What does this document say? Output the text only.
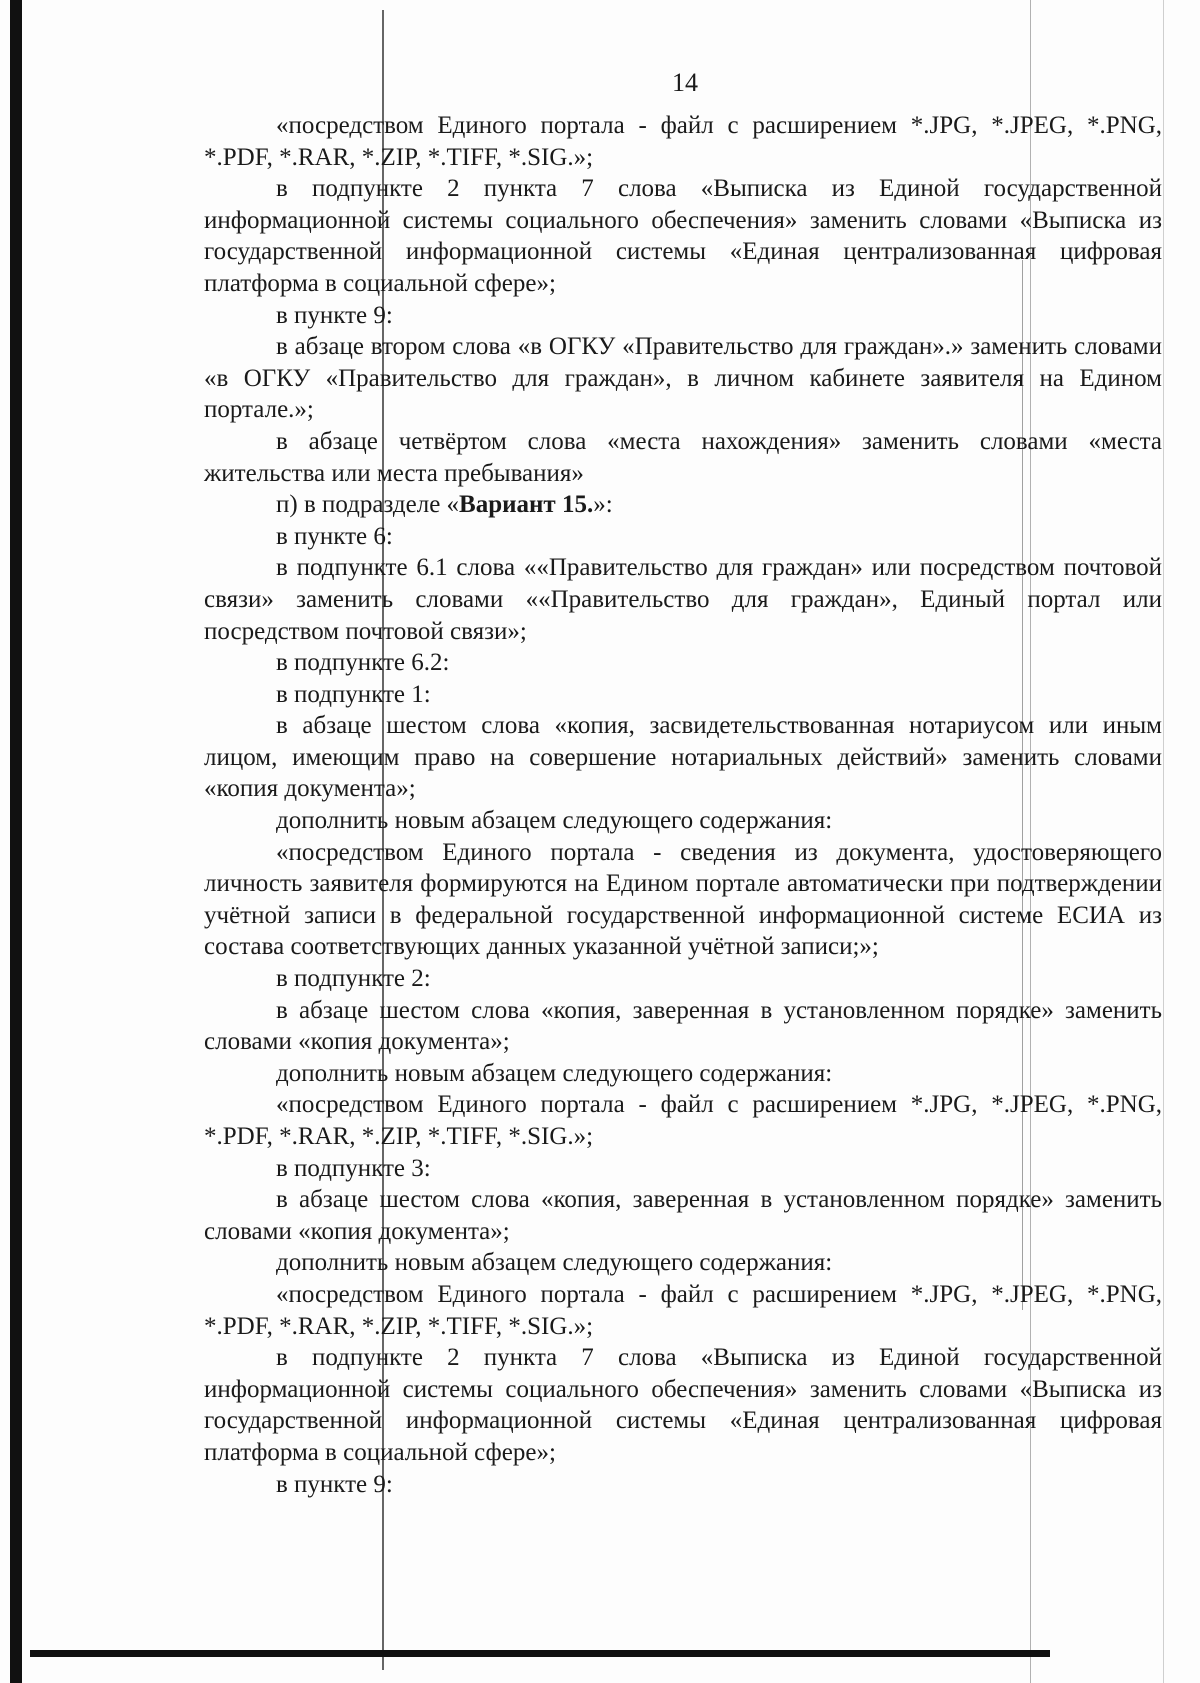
14

«посредством Единого портала - файл с расширением *.JPG, *.JPEG, *.PNG, *.PDF, *.RAR, *.ZIP, *.TIFF, *.SIG.»;

в подпункте 2 пункта 7 слова «Выписка из Единой государственной информационной системы социального обеспечения» заменить словами «Выписка из государственной информационной системы «Единая централизованная цифровая платформа в социальной сфере»;

в пункте 9:

в абзаце втором слова «в ОГКУ «Правительство для граждан».» заменить словами «в ОГКУ «Правительство для граждан», в личном кабинете заявителя на Едином портале.»;

в абзаце четвёртом слова «места нахождения» заменить словами «места жительства или места пребывания»

п) в подразделе «Вариант 15.»:

в пункте 6:

в подпункте 6.1 слова ««Правительство для граждан» или посредством почтовой связи» заменить словами ««Правительство для граждан», Единый портал или посредством почтовой связи»;

в подпункте 6.2:

в подпункте 1:

в абзаце шестом слова «копия, засвидетельствованная нотариусом или иным лицом, имеющим право на совершение нотариальных действий» заменить словами «копия документа»;

дополнить новым абзацем следующего содержания:

«посредством Единого портала - сведения из документа, удостоверяющего личность заявителя формируются на Едином портале автоматически при подтверждении учётной записи в федеральной государственной информационной системе ЕСИА из состава соответствующих данных указанной учётной записи;»;

в подпункте 2:

в абзаце шестом слова «копия, заверенная в установленном порядке» заменить словами «копия документа»;

дополнить новым абзацем следующего содержания:

«посредством Единого портала - файл с расширением *.JPG, *.JPEG, *.PNG, *.PDF, *.RAR, *.ZIP, *.TIFF, *.SIG.»;

в подпункте 3:

в абзаце шестом слова «копия, заверенная в установленном порядке» заменить словами «копия документа»;

дополнить новым абзацем следующего содержания:

«посредством Единого портала - файл с расширением *.JPG, *.JPEG, *.PNG, *.PDF, *.RAR, *.ZIP, *.TIFF, *.SIG.»;

в подпункте 2 пункта 7 слова «Выписка из Единой государственной информационной системы социального обеспечения» заменить словами «Выписка из государственной информационной системы «Единая централизованная цифровая платформа в социальной сфере»;

в пункте 9:
